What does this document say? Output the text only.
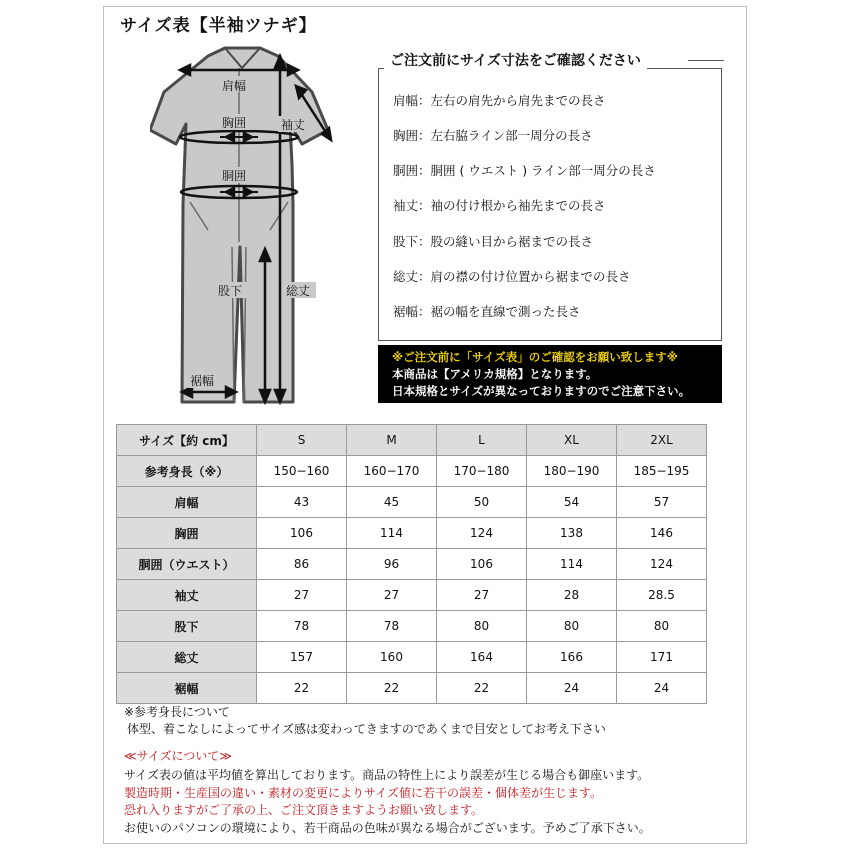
サイズ表【半袖ツナギ】
肩幅
袖丈
胸囲
胴囲
股下	総丈
裾幅
ご注文前にサイズ寸法をご確認ください
肩幅：左右の肩先から肩先までの長さ
胸囲：左右脇ライン部一周分の長さ
胴囲：胴囲 ( ウエスト ) ライン部一周分の長さ
袖丈：袖の付け根から袖先までの長さ
股下：股の縫い目から裾までの長さ
総丈：肩の襟の付け位置から裾までの長さ
裾幅：裾の幅を直線で測った長さ
※ご注文前に「サイズ表」のご確認をお願い致します※
本商品は【アメリカ規格】となります。
日本規格とサイズが異なっておりますのでご注意下さい。
サイズ【約 cm】	S	M	L	XL	2XL
参考身長（※）	150−160	160−170	170−180	180−190	185−195
肩幅	43	45	50	54	57
胸囲	106	114	124	138	146
胴囲（ウエスト）	86	96	106	114	124
袖丈	27	27	27	28	28.5
股下	78	78	80	80	80
総丈	157	160	164	166	171
裾幅	22	22	22	24	24
※参考身長について
体型、着こなしによってサイズ感は変わってきますのであくまで目安としてお考え下さい
≪サイズについて≫
サイズ表の値は平均値を算出しております。商品の特性上により誤差が生じる場合も御座います。
製造時期・生産国の違い・素材の変更によりサイズ値に若干の誤差・個体差が生じます。
恐れ入りますがご了承の上、ご注文頂きますようお願い致します。
お使いのパソコンの環境により、若干商品の色味が異なる場合がございます。予めご了承下さい。
